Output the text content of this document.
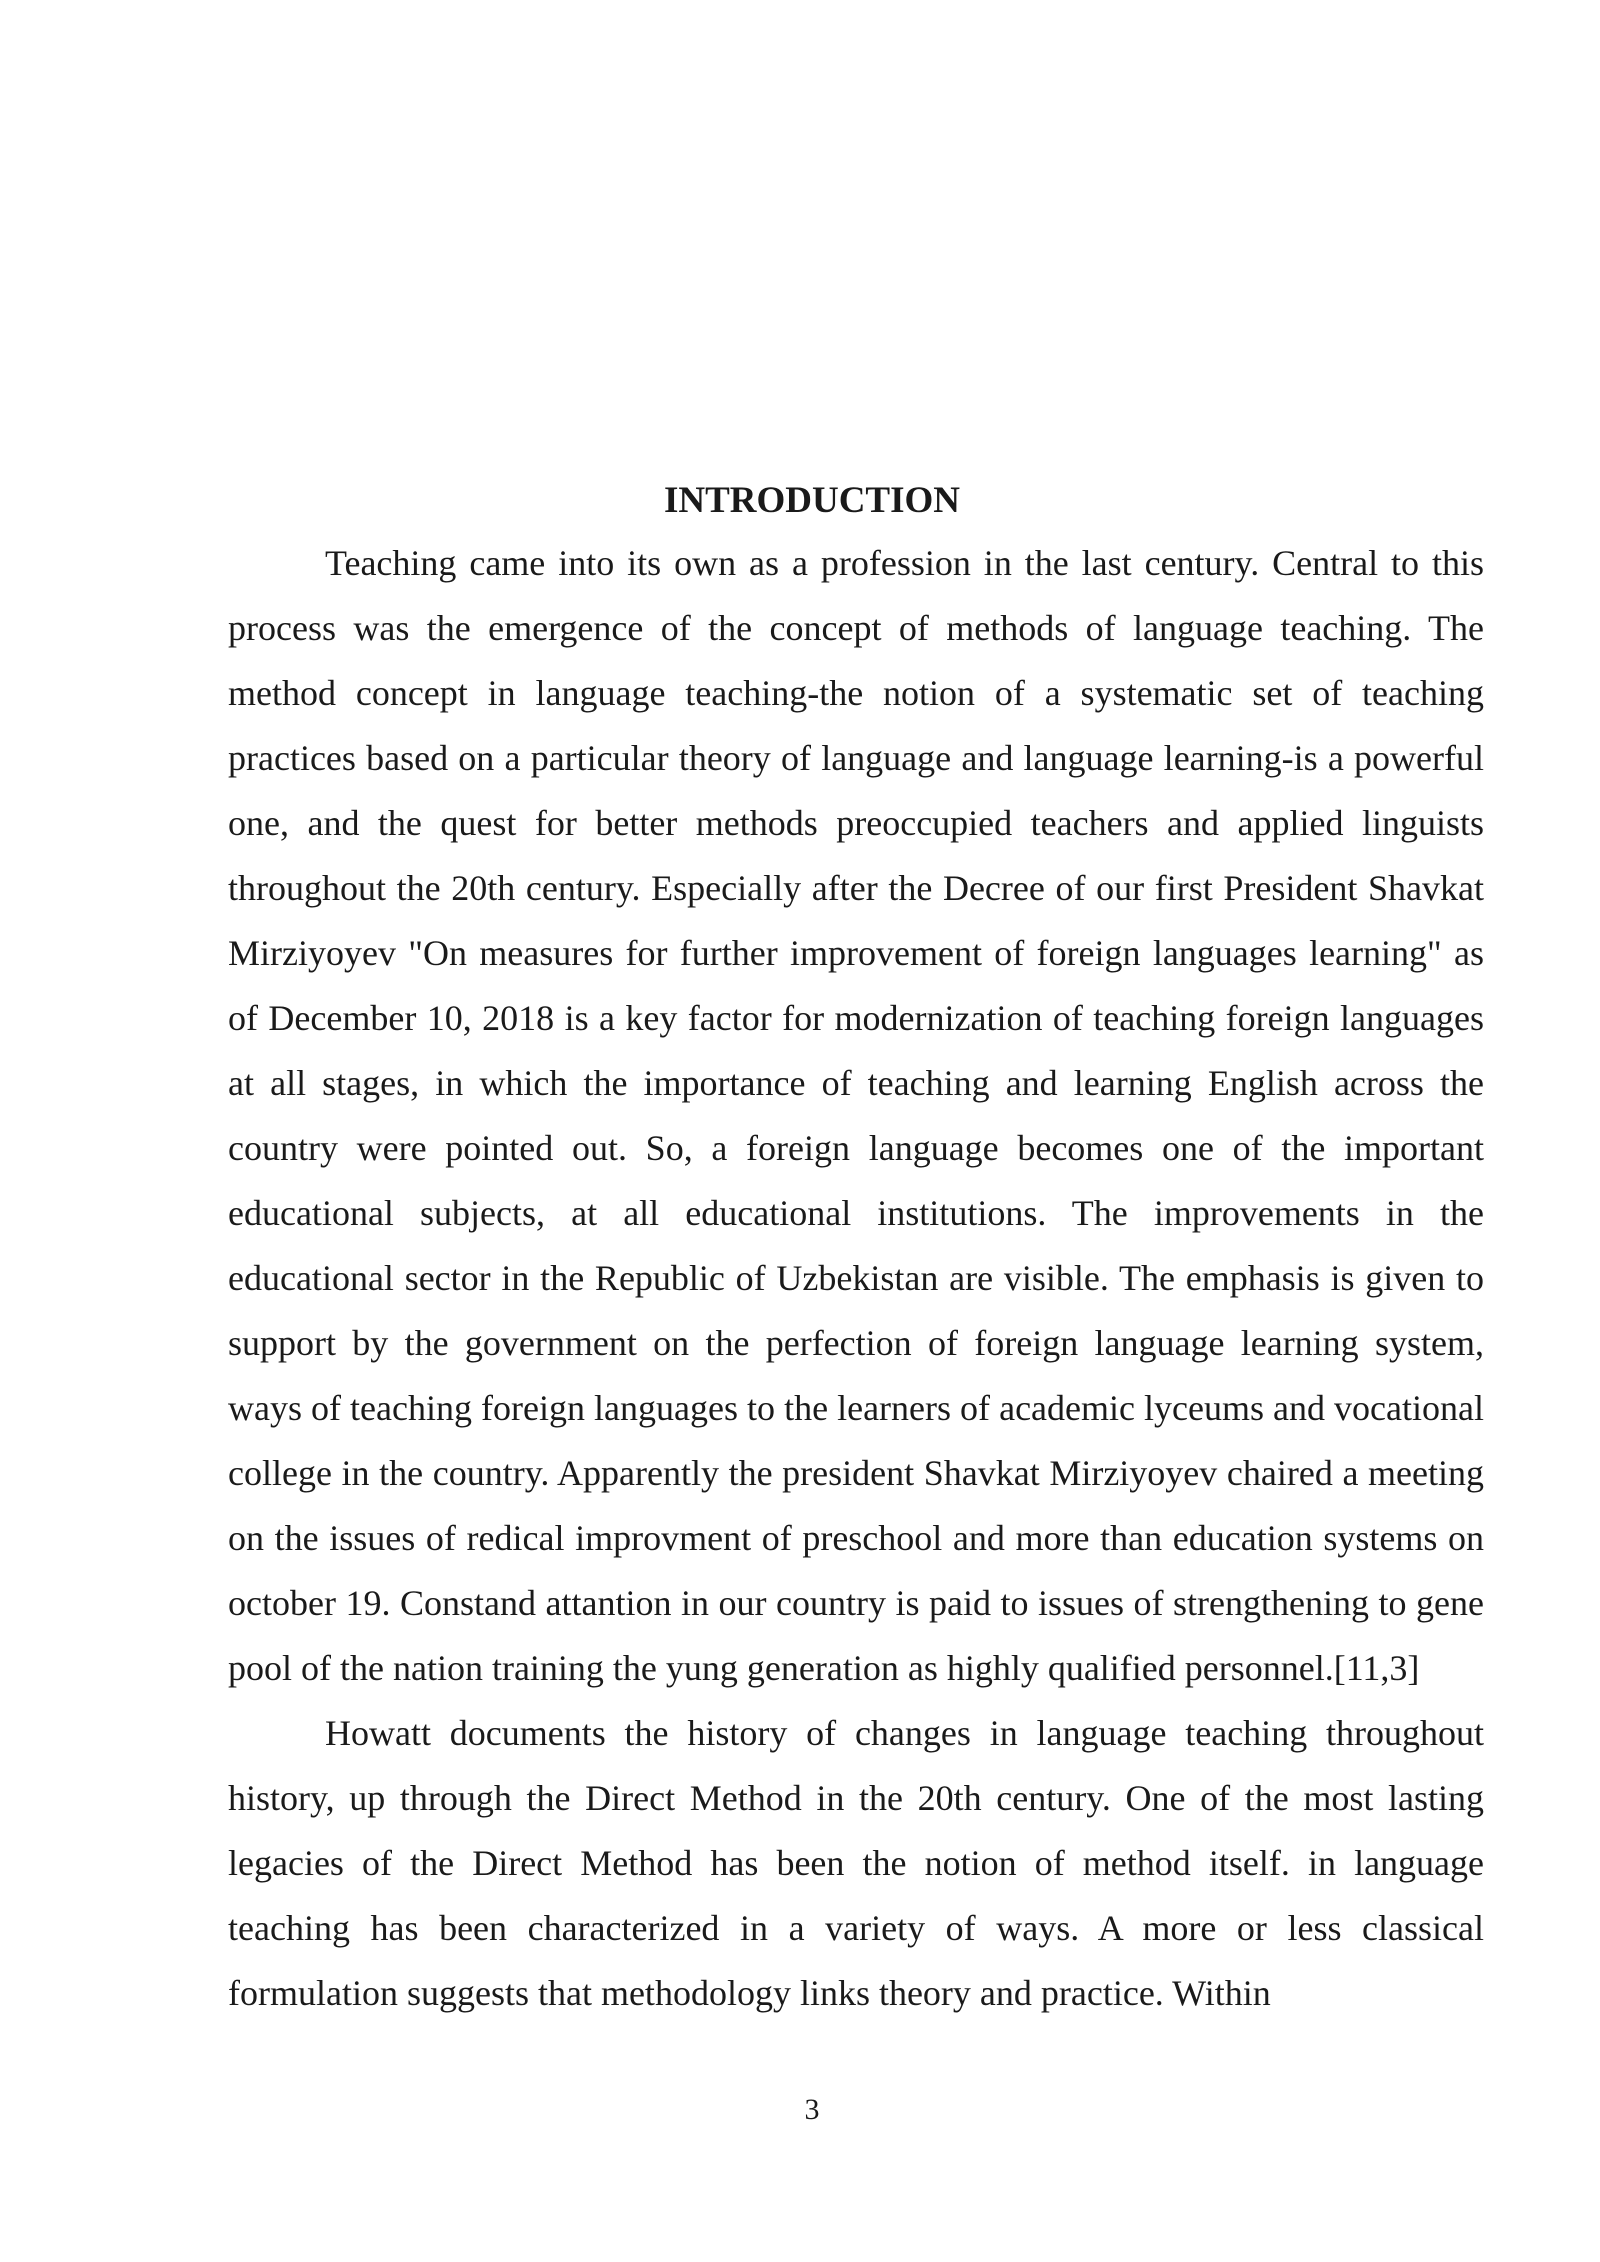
INTRODUCTION

Teaching came into its own as a profession in the last century. Central to this process was the emergence of the concept of methods of language teaching. The method concept in language teaching-the notion of a systematic set of teaching practices based on a particular theory of language and language learning-is a powerful one, and the quest for better methods preoccupied teachers and applied linguists throughout the 20th century. Especially after the Decree of our first President Shavkat Mirziyoyev "On measures for further improvement of foreign languages learning" as of December 10, 2018 is a key factor for modernization of teaching foreign languages at all stages, in which the importance of teaching and learning English across the country were pointed out. So, a foreign language becomes one of the important educational subjects, at all educational institutions. The improvements in the educational sector in the Republic of Uzbekistan are visible. The emphasis is given to support by the government on the perfection of foreign language learning system, ways of teaching foreign languages to the learners of academic lyceums and vocational college in the country. Apparently the president Shavkat Mirziyoyev chaired a meeting on the issues of redical improvment of preschool and more than education systems on october 19. Constand attantion in our country is paid to issues of strengthening to gene pool of the nation training the yung generation as highly qualified personnel.[11,3]

Howatt documents the history of changes in language teaching throughout history, up through the Direct Method in the 20th century. One of the most lasting legacies of the Direct Method has been the notion of method itself. in language teaching has been characterized in a variety of ways. A more or less classical formulation suggests that methodology links theory and practice. Within

3
